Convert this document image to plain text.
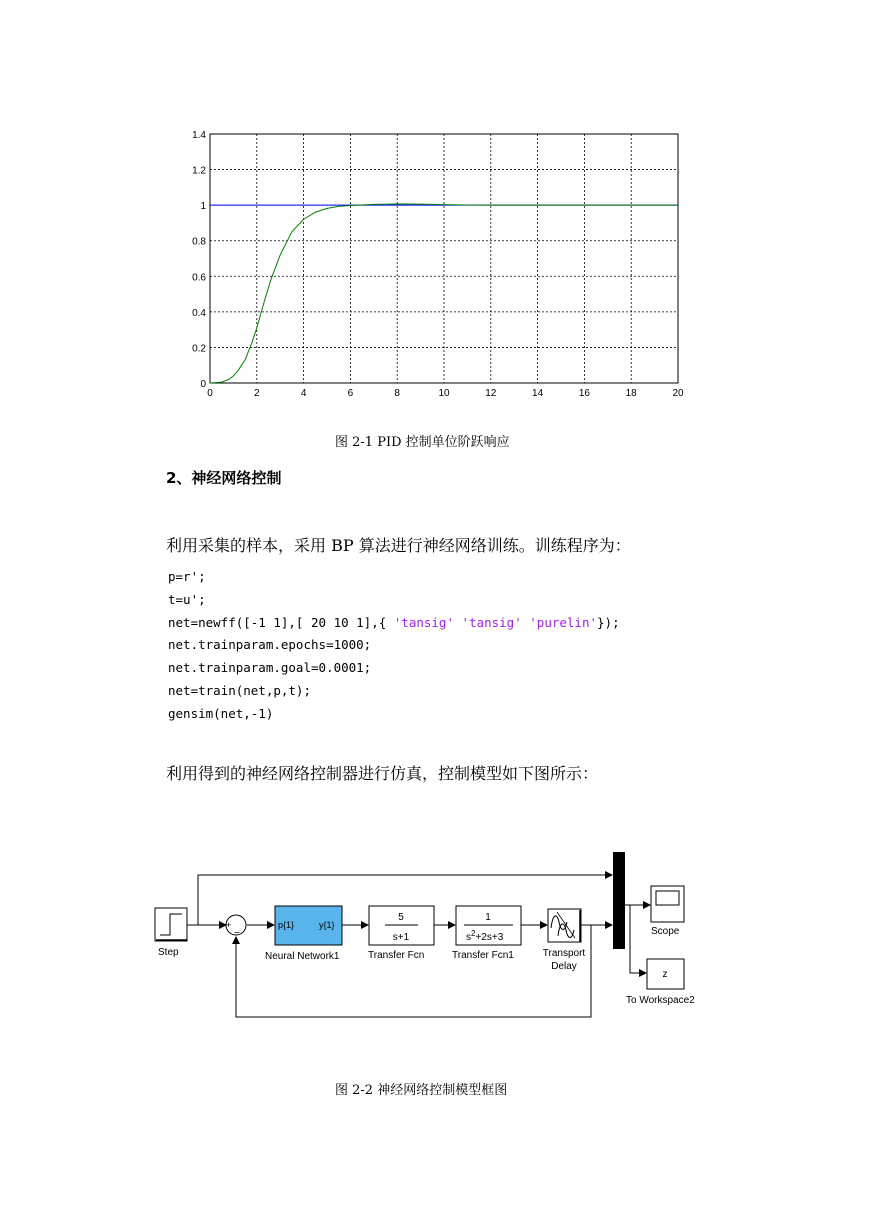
0	2	4	6	8	10	12	14	16	18	20
0
0.2
0.4
0.6
0.8
1
1.2
1.4
图 2-1 PID 控制单位阶跃响应
2、神经网络控制
利用采集的样本，采用 BP 算法进行神经网络训练。训练程序为：
p=r';
t=u';
net=newff([-1 1],[ 20 10 1],{ 'tansig' 'tansig' 'purelin'});
net.trainparam.epochs=1000;
net.trainparam.goal=0.0001;
net=train(net,p,t);
gensim(net,-1)
利用得到的神经网络控制器进行仿真，控制模型如下图所示：
Step
+
−
p{1}	y{1}
Neural Network1
5
s+1
Transfer Fcn
1
$s^2+2s+3$
Transfer Fcn1	Transport
Delay
Scope
z
To Workspace2
图 2-2 神经网络控制模型框图
